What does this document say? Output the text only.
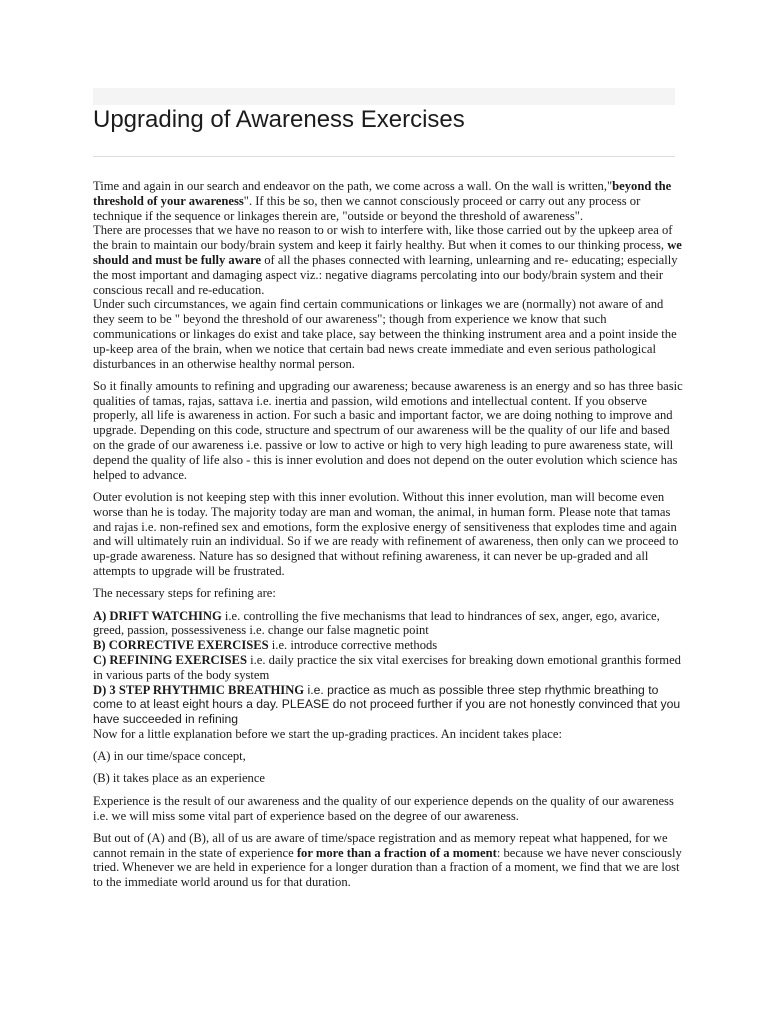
Upgrading of Awareness Exercises

Time and again in our search and endeavor on the path, we come across a wall. On the wall is written,"beyond the threshold of your awareness". If this be so, then we cannot consciously proceed or carry out any process or technique if the sequence or linkages therein are, "outside or beyond the threshold of awareness".

There are processes that we have no reason to or wish to interfere with, like those carried out by the upkeep area of the brain to maintain our body/brain system and keep it fairly healthy. But when it comes to our thinking process, we should and must be fully aware of all the phases connected with learning, unlearning and re- educating; especially the most important and damaging aspect viz.: negative diagrams percolating into our body/brain system and their conscious recall and re-education.

Under such circumstances, we again find certain communications or linkages we are (normally) not aware of and they seem to be " beyond the threshold of our awareness"; though from experience we know that such communications or linkages do exist and take place, say between the thinking instrument area and a point inside the up-keep area of the brain, when we notice that certain bad news create immediate and even serious pathological disturbances in an otherwise healthy normal person.

So it finally amounts to refining and upgrading our awareness; because awareness is an energy and so has three basic qualities of tamas, rajas, sattava i.e. inertia and passion, wild emotions and intellectual content. If you observe properly, all life is awareness in action. For such a basic and important factor, we are doing nothing to improve and upgrade. Depending on this code, structure and spectrum of our awareness will be the quality of our life and based on the grade of our awareness i.e. passive or low to active or high to very high leading to pure awareness state, will depend the quality of life also - this is inner evolution and does not depend on the outer evolution which science has helped to advance.

Outer evolution is not keeping step with this inner evolution. Without this inner evolution, man will become even worse than he is today. The majority today are man and woman, the animal, in human form. Please note that tamas and rajas i.e. non-refined sex and emotions, form the explosive energy of sensitiveness that explodes time and again and will ultimately ruin an individual. So if we are ready with refinement of awareness, then only can we proceed to up-grade awareness. Nature has so designed that without refining awareness, it can never be up-graded and all attempts to upgrade will be frustrated.

The necessary steps for refining are:

A) DRIFT WATCHING i.e. controlling the five mechanisms that lead to hindrances of sex, anger, ego, avarice, greed, passion, possessiveness i.e. change our false magnetic point
B) CORRECTIVE EXERCISES i.e. introduce corrective methods
C) REFINING EXERCISES i.e. daily practice the six vital exercises for breaking down emotional granthis formed in various parts of the body system
D) 3 STEP RHYTHMIC BREATHING i.e. practice as much as possible three step rhythmic breathing to come to at least eight hours a day. PLEASE do not proceed further if you are not honestly convinced that you have succeeded in refining
Now for a little explanation before we start the up-grading practices. An incident takes place:

(A) in our time/space concept,

(B) it takes place as an experience

Experience is the result of our awareness and the quality of our experience depends on the quality of our awareness i.e. we will miss some vital part of experience based on the degree of our awareness.

But out of (A) and (B), all of us are aware of time/space registration and as memory repeat what happened, for we cannot remain in the state of experience for more than a fraction of a moment: because we have never consciously tried. Whenever we are held in experience for a longer duration than a fraction of a moment, we find that we are lost to the immediate world around us for that duration.
